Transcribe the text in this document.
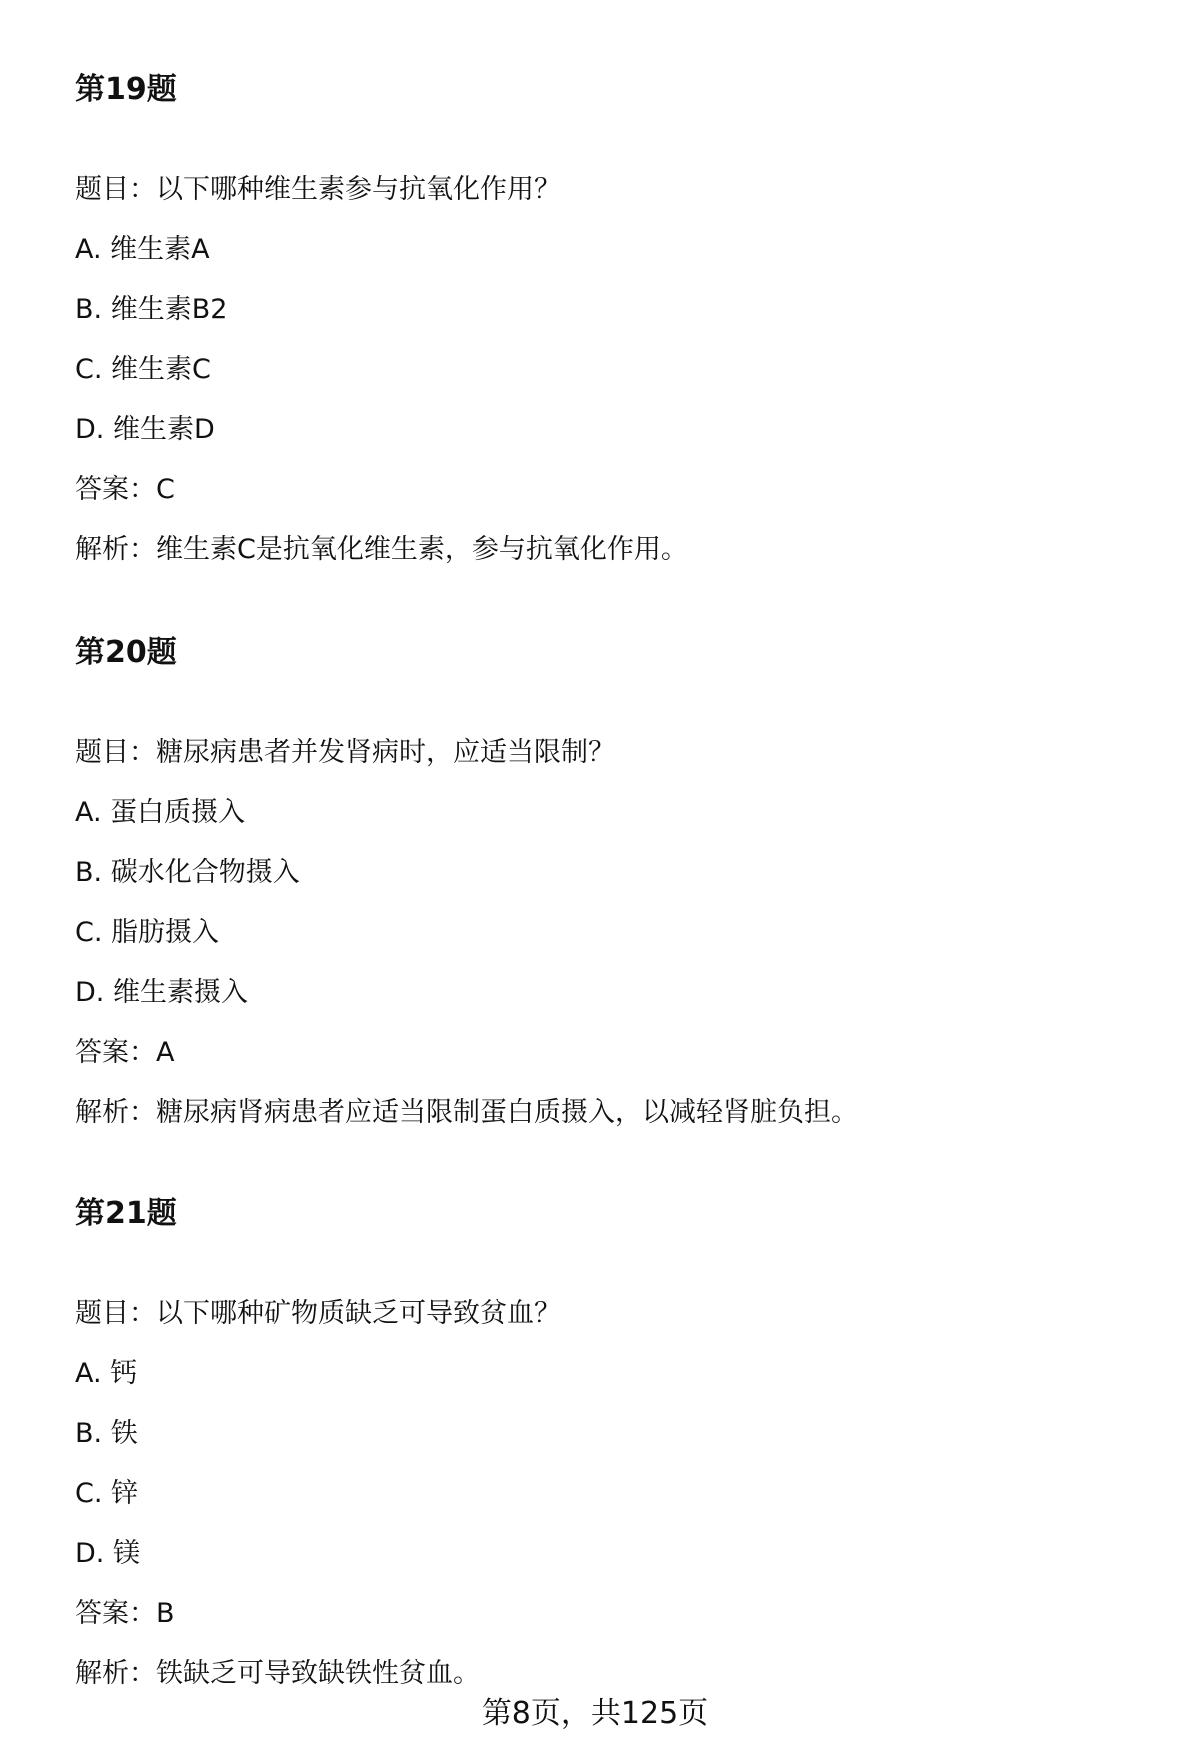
第19题
题目：以下哪种维生素参与抗氧化作用？
A. 维生素A
B. 维生素B2
C. 维生素C
D. 维生素D
答案：C
解析：维生素C是抗氧化维生素，参与抗氧化作用。
第20题
题目：糖尿病患者并发肾病时，应适当限制？
A. 蛋白质摄入
B. 碳水化合物摄入
C. 脂肪摄入
D. 维生素摄入
答案：A
解析：糖尿病肾病患者应适当限制蛋白质摄入，以减轻肾脏负担。
第21题
题目：以下哪种矿物质缺乏可导致贫血？
A. 钙
B. 铁
C. 锌
D. 镁
答案：B
解析：铁缺乏可导致缺铁性贫血。
第8页，共125页
